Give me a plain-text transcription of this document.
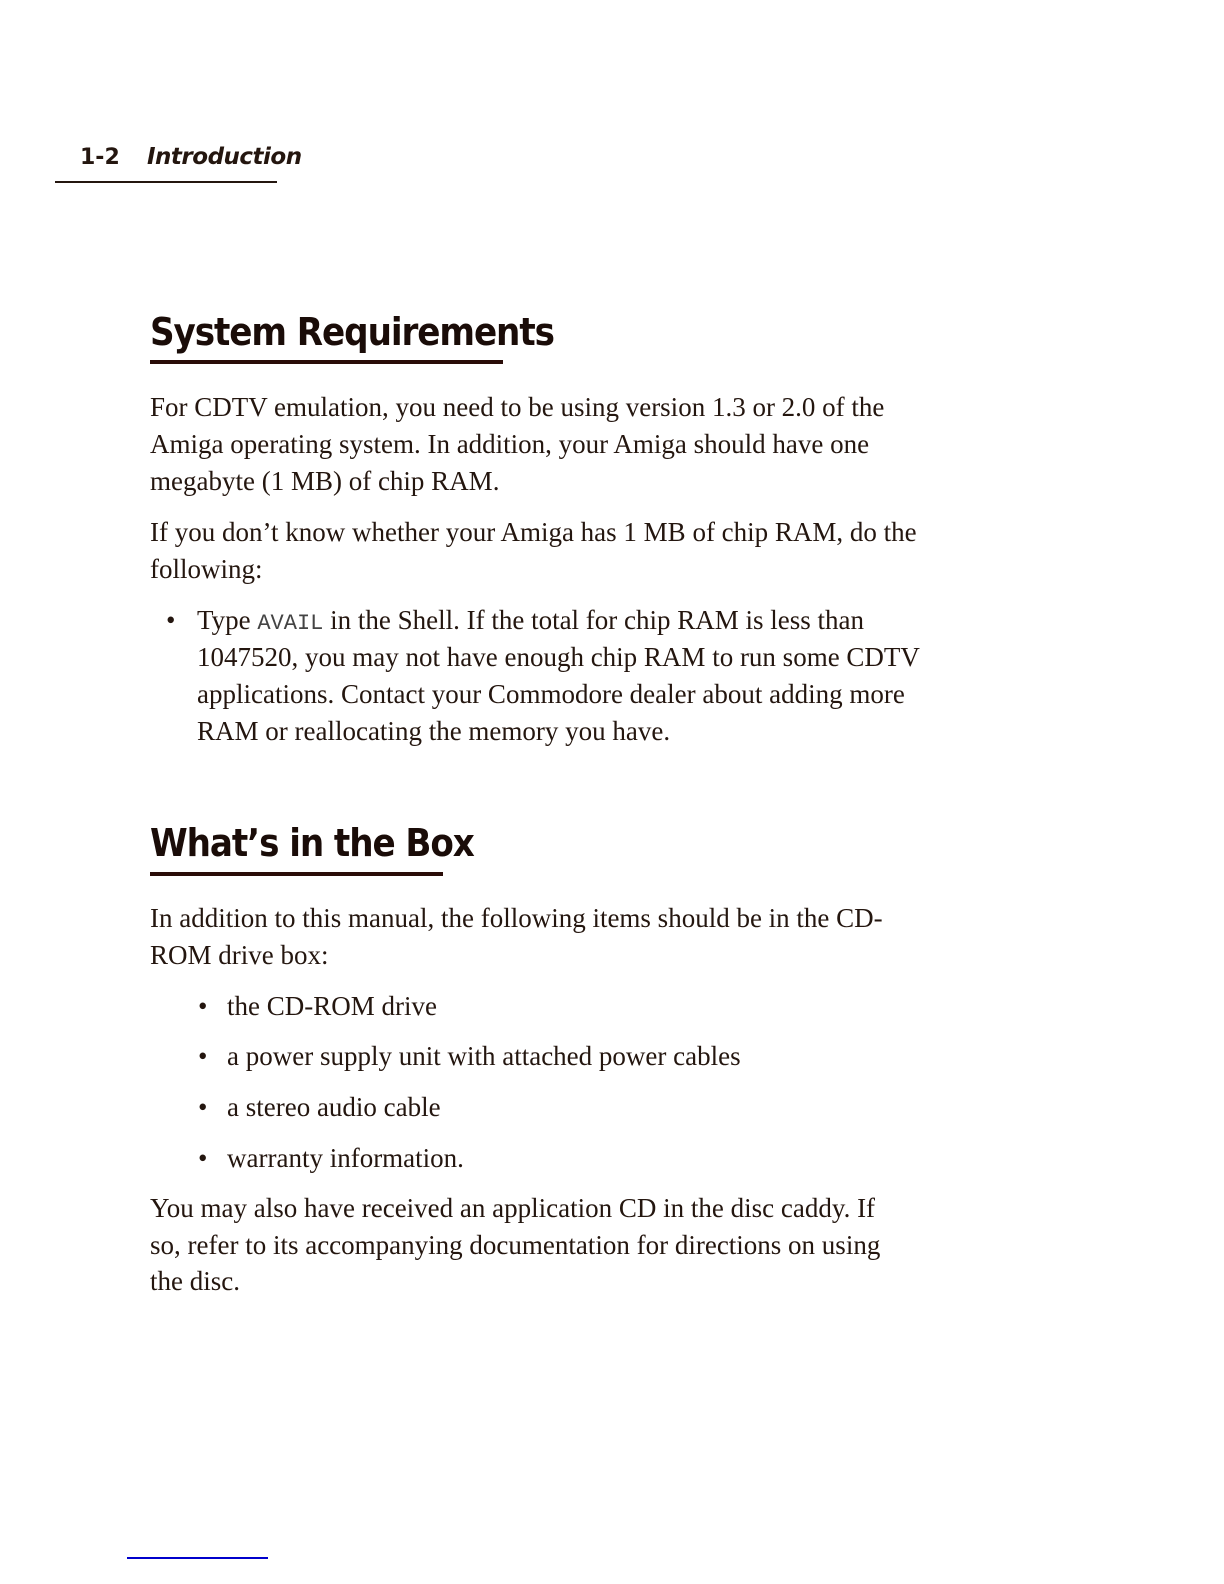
1-2 Introduction
System Requirements

For CDTV emulation, you need to be using version 1.3 or 2.0 of the

Amiga operating system. In addition, your Amiga should have one

megabyte (1 MB) of chip RAM.

If you don’t know whether your Amiga has 1 MB of chip RAM, do the

following:

• Type AVAIL in the Shell. If the total for chip RAM is less than

1047520, you may not have enough chip RAM to run some CDTV

applications. Contact your Commodore dealer about adding more

RAM or reallocating the memory you have.

What’s in the Box

In addition to this manual, the following items should be in the CD-

ROM drive box:

• the CD-ROM drive

• a power supply unit with attached power cables

• a stereo audio cable

• warranty information.

You may also have received an application CD in the disc caddy. If

so, refer to its accompanying documentation for directions on using

the disc.
